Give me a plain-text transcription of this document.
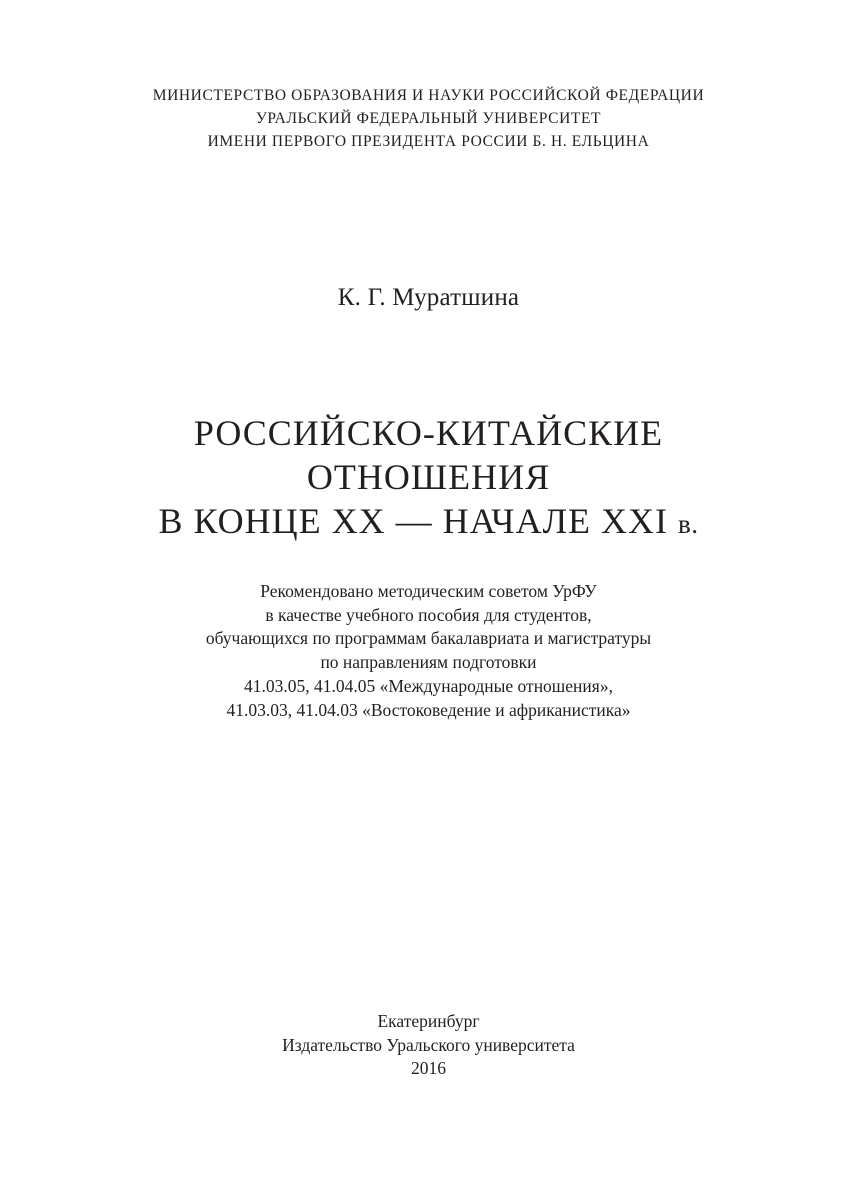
МИНИСТЕРСТВО ОБРАЗОВАНИЯ И НАУКИ РОССИЙСКОЙ ФЕДЕРАЦИИ
УРАЛЬСКИЙ ФЕДЕРАЛЬНЫЙ УНИВЕРСИТЕТ
ИМЕНИ ПЕРВОГО ПРЕЗИДЕНТА РОССИИ Б. Н. ЕЛЬЦИНА
К. Г. Муратшина
РОССИЙСКО-КИТАЙСКИЕ
ОТНОШЕНИЯ
В КОНЦЕ XX — НАЧАЛЕ XXI в.
Рекомендовано методическим советом УрФУ
в качестве учебного пособия для студентов,
обучающихся по программам бакалавриата и магистратуры
по направлениям подготовки
41.03.05, 41.04.05 «Международные отношения»,
41.03.03, 41.04.03 «Востоковедение и африканистика»
Екатеринбург
Издательство Уральского университета
2016
